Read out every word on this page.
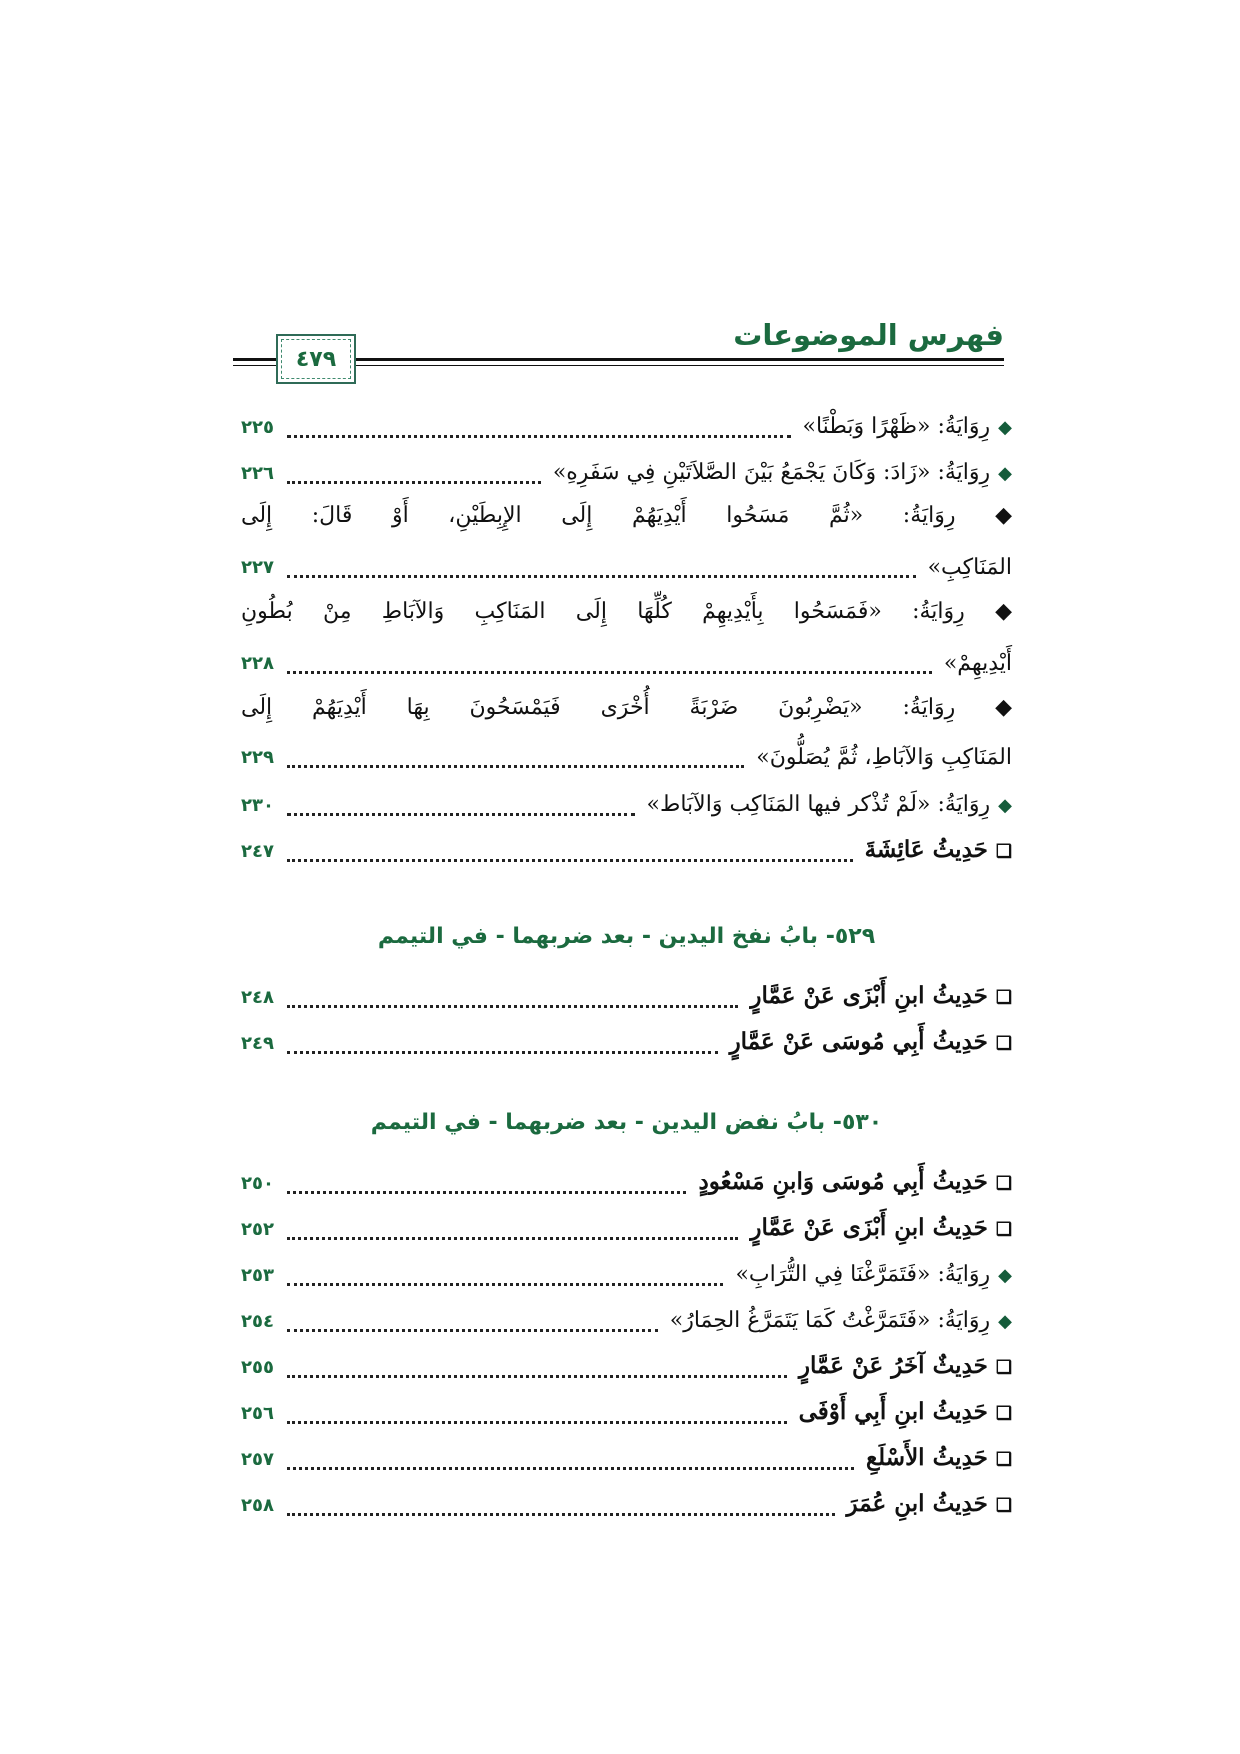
فهرس الموضوعات
٤٧٩
◆رِوَايَةُ: «ظَهْرًا وَبَطْنًا»
٢٢٥
◆رِوَايَةُ: «زَادَ: وَكَانَ يَجْمَعُ بَيْنَ الصَّلاَتَيْنِ فِي سَفَرِهِ»
٢٢٦
◆ رِوَايَةُ: «ثُمَّ مَسَحُوا أَيْدِيَهُمْ إِلَى الإِبِطَيْنِ، أَوْ قَالَ: إِلَى
المَنَاكِبِ»
٢٢٧
◆ رِوَايَةُ: «فَمَسَحُوا بِأَيْدِيهِمْ كُلِّهَا إِلَى المَنَاكِبِ وَالآبَاطِ مِنْ بُطُونِ
أَيْدِيهِمْ»
٢٢٨
◆ رِوَايَةُ: «يَضْرِبُونَ ضَرْبَةً أُخْرَى فَيَمْسَحُونَ بِهَا أَيْدِيَهُمْ إِلَى
المَنَاكِبِ وَالآبَاطِ، ثُمَّ يُصَلُّونَ»
٢٢٩
◆رِوَايَةُ: «لَمْ تُذْكر فيها المَنَاكِب وَالآبَاط»
٢٣٠
❑حَدِيثُ عَائِشَةَ
٢٤٧
٥٢٩- بابُ نفخ اليدين - بعد ضربهما - في التيمم
❑حَدِيثُ ابنِ أَبْزَى عَنْ عَمَّارٍ
٢٤٨
❑حَدِيثُ أَبِي مُوسَى عَنْ عَمَّارٍ
٢٤٩
٥٣٠- بابُ نفض اليدين - بعد ضربهما - في التيمم
❑حَدِيثُ أَبِي مُوسَى وَابنِ مَسْعُودٍ
٢٥٠
❑حَدِيثُ ابنِ أَبْزَى عَنْ عَمَّارٍ
٢٥٢
◆رِوَايَةُ: «فَتَمَرَّغْنَا فِي التُّرَابِ»
٢٥٣
◆رِوَايَةُ: «فَتَمَرَّغْتُ كَمَا يَتَمَرَّغُ الحِمَارُ»
٢٥٤
❑حَدِيثٌ آخَرُ عَنْ عَمَّارٍ
٢٥٥
❑حَدِيثُ ابنِ أَبِي أَوْفَى
٢٥٦
❑حَدِيثُ الأَسْلَعِ
٢٥٧
❑حَدِيثُ ابنِ عُمَرَ
٢٥٨
